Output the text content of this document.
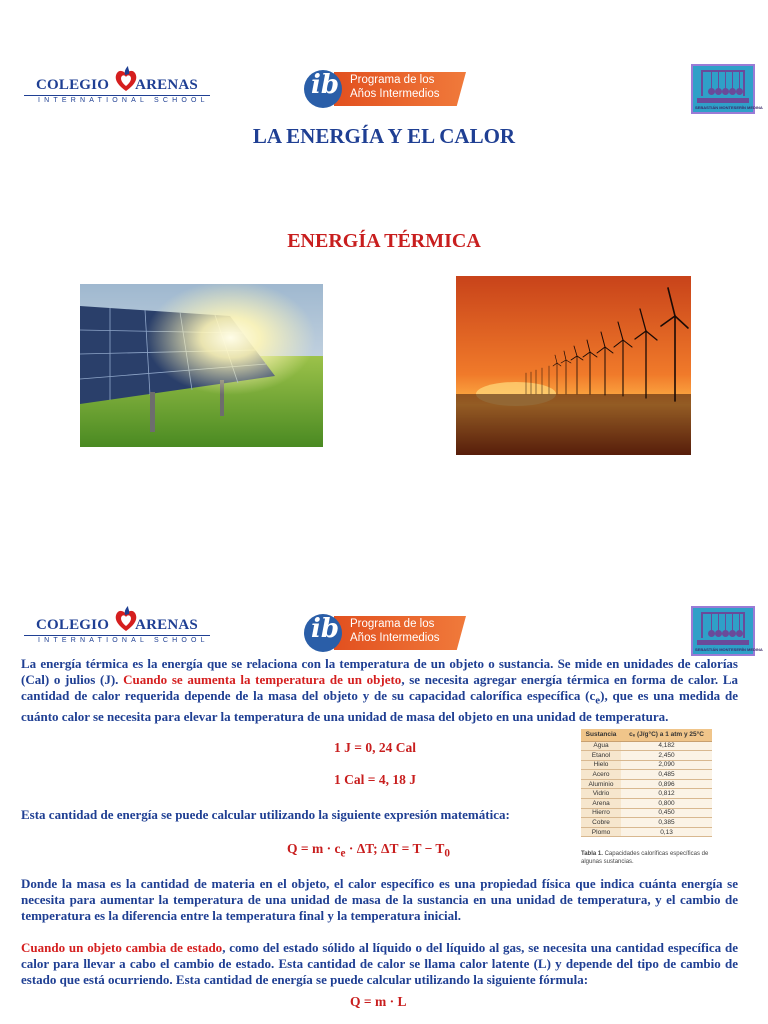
COLEGIO ARENAS
INTERNATIONAL SCHOOL
ib Programa de los
Años Intermedios
SEBASTIÁN MONTESERÍN MEDINA
LA ENERGÍA Y EL CALOR
ENERGÍA TÉRMICA
COLEGIO ARENAS
INTERNATIONAL SCHOOL	ib Programa de los
Años Intermedios
SEBASTIÁN MONTESERÍN MEDINA

La energía térmica es la energía que se relaciona con la temperatura de un objeto o sustancia. Se mide en unidades de calorías (Cal) o julios (J). Cuando se aumenta la temperatura de un objeto, se necesita agregar energía térmica en forma de calor. La cantidad de calor requerida depende de la masa del objeto y de su capacidad calorífica específica $(c_e)$, que es una medida de cuánto calor se necesita para elevar la temperatura de una unidad de masa del objeto en una unidad de temperatura.

1 J = 0, 24 Cal
1 Cal = 4, 18 J

Esta cantidad de energía se puede calcular utilizando la siguiente expresión matemática:

$Q = m \cdot c_e \cdot \Delta T$; $\Delta T = T - T_0$
Sustancia	cₑ (J/g°C) a 1 atm y 25°C
Agua	4,182
Etanol	2,450
Hielo	2,090
Acero	0,485
Aluminio	0,896
Vidrio	0,812
Arena	0,800
Hierro	0,450
Cobre	0,385
Plomo	0,13
Tabla 1. Capacidades caloríficas específicas de algunas sustancias.

Donde la masa es la cantidad de materia en el objeto, el calor específico es una propiedad física que indica cuánta energía se necesita para aumentar la temperatura de una unidad de masa de la sustancia en una unidad de temperatura, y el cambio de temperatura es la diferencia entre la temperatura final y la temperatura inicial.

Cuando un objeto cambia de estado, como del estado sólido al líquido o del líquido al gas, se necesita una cantidad específica de calor para llevar a cabo el cambio de estado. Esta cantidad de calor se llama calor latente (L) y depende del tipo de cambio de estado que está ocurriendo. Esta cantidad de energía se puede calcular utilizando la siguiente fórmula:

Q = m · L
